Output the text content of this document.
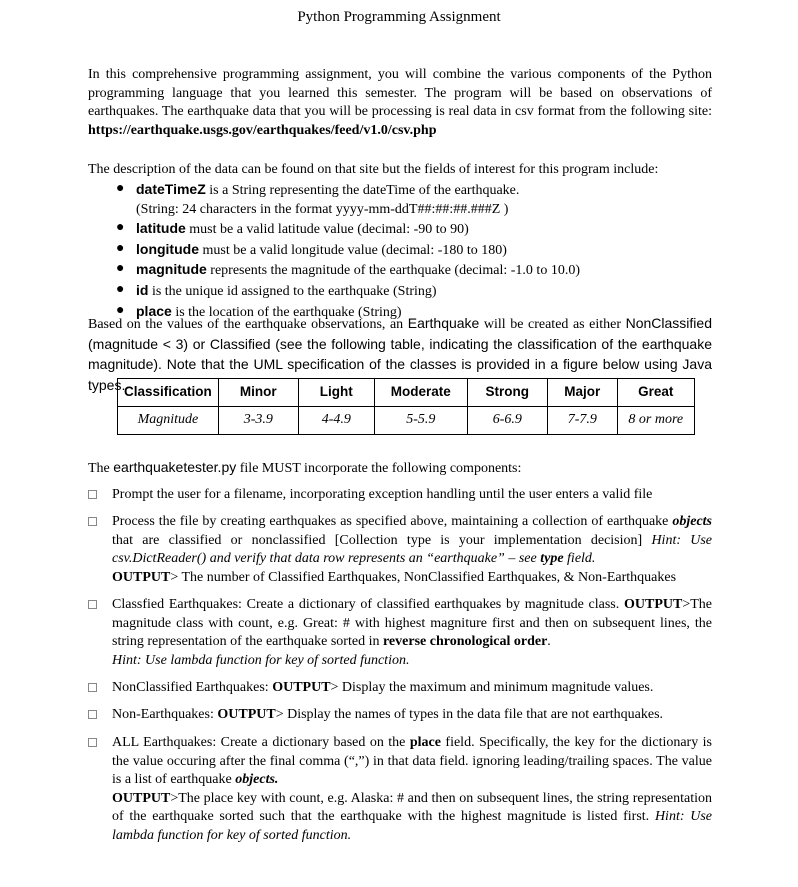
Python Programming Assignment
In this comprehensive programming assignment, you will combine the various components of the Python programming language that you learned this semester. The program will be based on observations of earthquakes. The earthquake data that you will be processing is real data in csv format from the following site: https://earthquake.usgs.gov/earthquakes/feed/v1.0/csv.php
The description of the data can be found on that site but the fields of interest for this program include:
● dateTimeZ is a String representing the dateTime of the earthquake.
(String: 24 characters in the format yyyy-mm-ddT##:##:##.###Z )
● latitude must be a valid latitude value (decimal: -90 to 90)
● longitude must be a valid longitude value (decimal: -180 to 180)
● magnitude represents the magnitude of the earthquake (decimal: -1.0 to 10.0)
● id is the unique id assigned to the earthquake (String)
● place is the location of the earthquake (String)
Based on the values of the earthquake observations, an Earthquake will be created as either NonClassified (magnitude < 3) or Classified (see the following table, indicating the classification of the earthquake magnitude). Note that the UML specification of the classes is provided in a figure below using Java types.
Classification	Minor	Light	Moderate	Strong	Major	Great
Magnitude	3-3.9	4-4.9	5-5.9	6-6.9	7-7.9	8 or more
The earthquaketester.py file MUST incorporate the following components:
Prompt the user for a filename, incorporating exception handling until the user enters a valid file
Process the file by creating earthquakes as specified above, maintaining a collection of earthquake objects that are classified or nonclassified [Collection type is your implementation decision] Hint: Use csv.DictReader() and verify that data row represents an “earthquake” – see type field.
OUTPUT> The number of Classified Earthquakes, NonClassified Earthquakes, & Non-Earthquakes
Classfied Earthquakes: Create a dictionary of classified earthquakes by magnitude class. OUTPUT>The magnitude class with count, e.g. Great: # with highest magniture first and then on subsequent lines, the string representation of the earthquake sorted in reverse chronological order.
Hint: Use lambda function for key of sorted function.
NonClassified Earthquakes: OUTPUT> Display the maximum and minimum magnitude values.
Non-Earthquakes: OUTPUT> Display the names of types in the data file that are not earthquakes.
ALL Earthquakes: Create a dictionary based on the place field. Specifically, the key for the dictionary is the value occuring after the final comma (“,”) in that data field. ignoring leading/trailing spaces. The value is a list of earthquake objects.
OUTPUT>The place key with count, e.g. Alaska: # and then on subsequent lines, the string representation of the earthquake sorted such that the earthquake with the highest magnitude is listed first. Hint: Use lambda function for key of sorted function.
